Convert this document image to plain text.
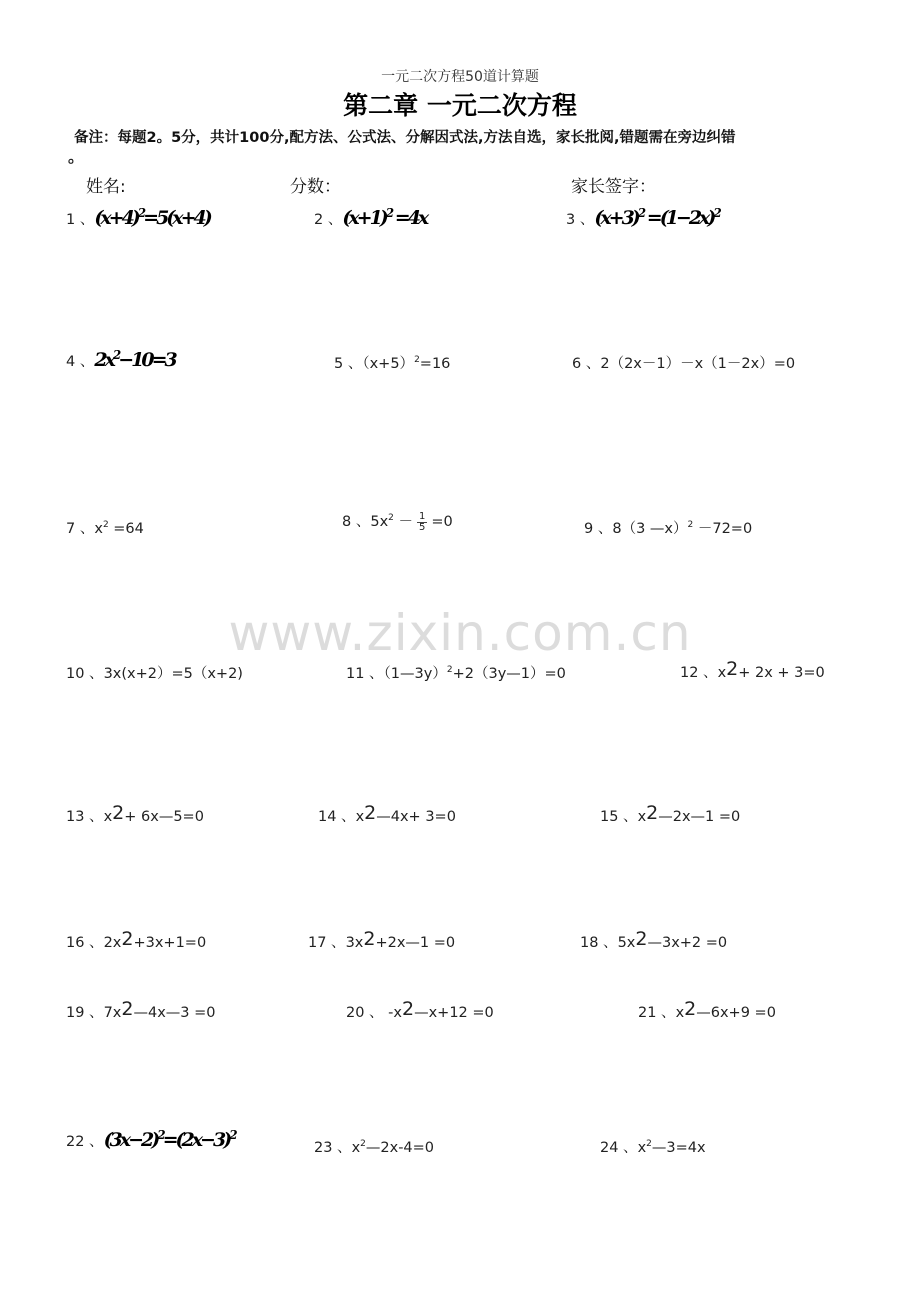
一元二次方程50道计算题
第二章 一元二次方程
备注：每题2。5分，共计100分,配方法、公式法、分解因式法,方法自选，家长批阅,错题需在旁边纠错
。
姓名:	分数：	家长签字：
www.zixin.com.cn
1 、$(x+4)^2=5(x+4)$	2 、$(x+1)^2 =4x$	3 、$(x+3)^2 =(1-2x)^2$
4 、$2x^2-10=3$	5 、$(x+5)^2=16$	6 、2（2x－1）－x（1－2x）=0
7 、$x^2 =64$	8 、$5x^2 - \frac{1}{5} =0$	9 、8（3 —x）$^2$ －72=0
10 、3x(x+2）=5（x+2)	11 、（1—3y）$^2$+2（3y—1）=0	12 、x2+ 2x + 3=0
13 、x2+ 6x—5=0	14 、x2—4x+ 3=0	15 、x2—2x—1 =0
16 、2x2+3x+1=0	17 、3x2+2x—1 =0	18 、5x2—3x+2 =0
19 、7x2—4x—3 =0	20 、 -x2—x+12 =0	21 、x2—6x+9 =0
22 、$(3x-2)^2=(2x-3)^2$
23 、$x^2—2x-4=0$	24 、$x^2—3=4x$
